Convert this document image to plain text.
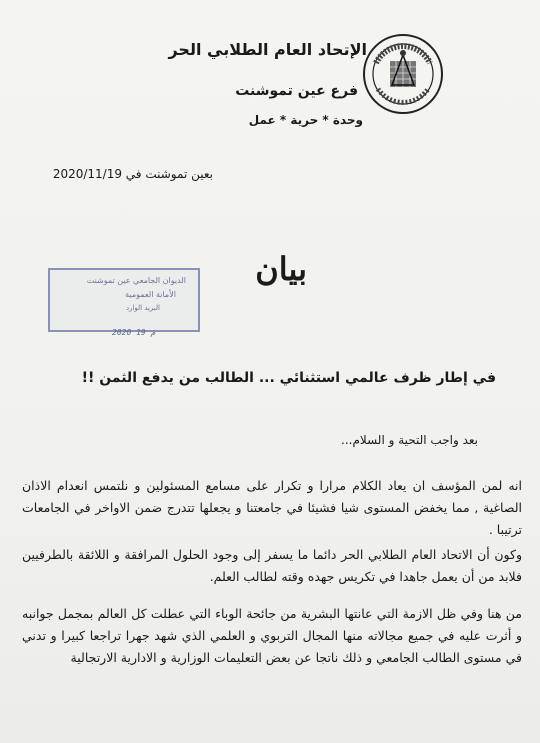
الإتحاد العام الطلابي الحر
فرع عين تموشنت
وحدة * حرية * عمل
بعين تموشنت في 2020/11/19
الديوان الجامعي عين تموشنت
الأمانة العمومية
البريد الوارد
2020 م 19
بيان
في إطار ظرف عالمي استثنائي ... الطالب من يدفع الثمن !!
بعد واجب التحية و السلام...
انه لمن المؤسف ان يعاد الكلام مرارا و تكرار على مسامع المسئولين و نلتمس انعدام الاذان الصاغية , مما يخفض المستوى شيا فشيئا في جامعتنا و يجعلها تتدرج ضمن الاواخر في الجامعات ترتيبا .
وكون أن الاتحاد العام الطلابي الحر دائما ما يسفر إلى وجود الحلول المرافقة و اللائقة بالطرفيين فلابد من أن يعمل جاهدا في تكريس جهده وقته لطالب العلم.
من هنا وفي ظل الازمة التي عانتها البشرية من جائحة الوباء التي عطلت كل العالم بمجمل جوانبه و أثرت عليه في جميع مجالاته منها المجال التربوي و العلمي الذي شهد جهرا تراجعا كبيرا و تدني في مستوى الطالب الجامعي و ذلك ناتجا عن بعض التعليمات الوزارية و الادارية الارتجالية
